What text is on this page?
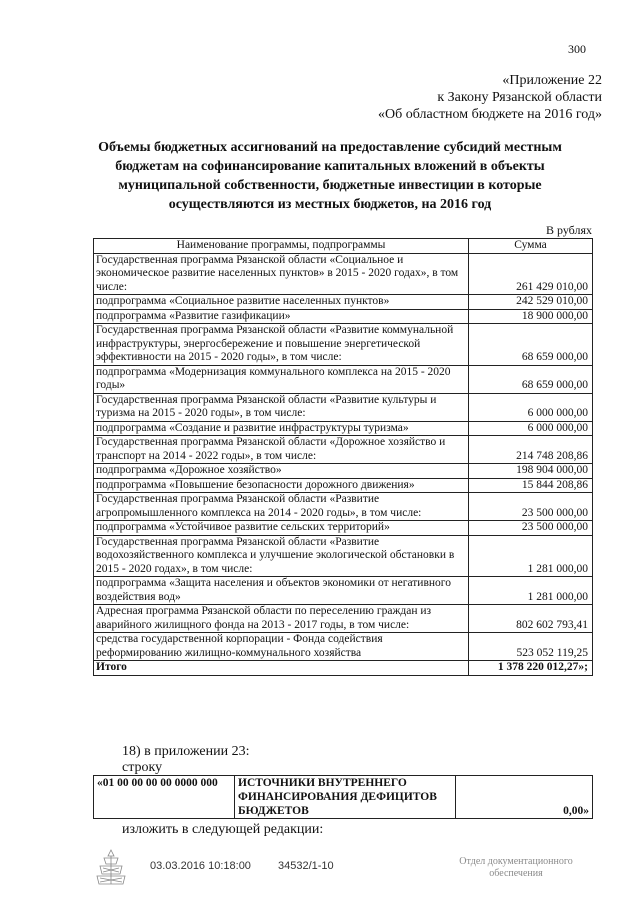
300
«Приложение 22
к Закону Рязанской области
«Об областном бюджете на 2016 год»
Объемы бюджетных ассигнований на предоставление субсидий местным бюджетам на софинансирование капитальных вложений в объекты муниципальной собственности, бюджетные инвестиции в которые осуществляются из местных бюджетов, на 2016 год
В рублях
Наименование программы, подпрограммы	Сумма
Государственная программа Рязанской области «Социальное и экономическое развитие населенных пунктов» в 2015 - 2020 годах», в том числе:	261 429 010,00
подпрограмма «Социальное развитие населенных пунктов»	242 529 010,00
подпрограмма «Развитие газификации»	18 900 000,00
Государственная программа Рязанской области «Развитие коммунальной инфраструктуры, энергосбережение и повышение энергетической эффективности на 2015 - 2020 годы», в том числе:	68 659 000,00
подпрограмма «Модернизация коммунального комплекса на 2015 - 2020 годы»	68 659 000,00
Государственная программа Рязанской области «Развитие культуры и туризма на 2015 - 2020 годы», в том числе:	6 000 000,00
подпрограмма «Создание и развитие инфраструктуры туризма»	6 000 000,00
Государственная программа Рязанской области «Дорожное хозяйство и транспорт на 2014 - 2022 годы», в том числе:	214 748 208,86
подпрограмма «Дорожное хозяйство»	198 904 000,00
подпрограмма «Повышение безопасности дорожного движения»	15 844 208,86
Государственная программа Рязанской области «Развитие агропромышленного комплекса на 2014 - 2020 годы», в том числе:	23 500 000,00
подпрограмма «Устойчивое развитие сельских территорий»	23 500 000,00
Государственная программа Рязанской области «Развитие водохозяйственного комплекса и улучшение экологической обстановки в 2015 - 2020 годах», в том числе:	1 281 000,00
подпрограмма «Защита населения и объектов экономики от негативного воздействия вод»	1 281 000,00
Адресная программа Рязанской области по переселению граждан из аварийного жилищного фонда на 2013 - 2017 годы, в том числе:	802 602 793,41
средства государственной корпорации - Фонда содействия реформированию жилищно-коммунального хозяйства	523 052 119,25
Итого	1 378 220 012,27»;
18) в приложении 23:
строку
«01 00 00 00 00 0000 000	ИСТОЧНИКИ ВНУТРЕННЕГО ФИНАНСИРОВАНИЯ ДЕФИЦИТОВ БЮДЖЕТОВ	0,00»
изложить в следующей редакции:
03.03.2016 10:18:00 34532/1-10	Отдел документационного обеспечения
